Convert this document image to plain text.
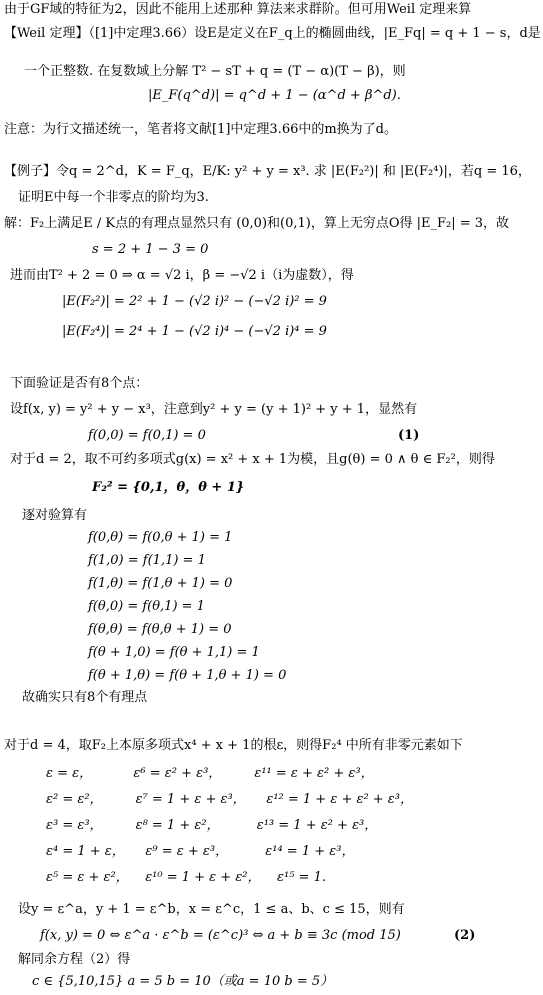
由于GF域的特征为2，因此不能用上述那种 算法来求群阶。但可用Weil 定理来算
【Weil 定理】（[1]中定理3.66）设E是定义在F_q上的椭圆曲线，|E_Fq| = q + 1 − s，d是
一个正整数. 在复数域上分解 T² − sT + q = (T − α)(T − β)，则
|E_F(q^d)| = q^d + 1 − (α^d + β^d).
注意：为行文描述统一，笔者将文献[1]中定理3.66中的m换为了d。
【例子】令q = 2^d，K = F_q，E/K: y² + y = x³. 求 |E(F₂²)| 和 |E(F₂⁴)|，若q = 16，
证明E中每一个非零点的阶均为3.
解：F₂上满足E / K点的有理点显然只有 (0,0)和(0,1)，算上无穷点O得 |E_F₂| = 3，故
s = 2 + 1 − 3 = 0
进而由T² + 2 = 0 ⇒ α = √2 i，β = −√2 i（i为虚数），得
|E(F₂²)| = 2² + 1 − (√2 i)² − (−√2 i)² = 9
|E(F₂⁴)| = 2⁴ + 1 − (√2 i)⁴ − (−√2 i)⁴ = 9
下面验证是否有8个点：
设f(x, y) = y² + y − x³，注意到y² + y = (y + 1)² + y + 1，显然有
f(0,0) = f(0,1) = 0	(1)
对于d = 2，取不可约多项式g(x) = x² + x + 1为模，且g(θ) = 0 ∧ θ ∈ F₂²，则得
F₂² = {0,1，θ，θ + 1}
逐对验算有
f(0,θ) = f(0,θ + 1) = 1
f(1,0) = f(1,1) = 1
f(1,θ) = f(1,θ + 1) = 0
f(θ,0) = f(θ,1) = 1
f(θ,θ) = f(θ,θ + 1) = 0
f(θ + 1,0) = f(θ + 1,1) = 1
f(θ + 1,θ) = f(θ + 1,θ + 1) = 0
故确实只有8个有理点
对于d = 4，取F₂上本原多项式x⁴ + x + 1的根ε，则得F₂⁴ 中所有非零元素如下
ε = ε，          ε⁶ = ε² + ε³，        ε¹¹ = ε + ε² + ε³，
ε² = ε²，        ε⁷ = 1 + ε + ε³，     ε¹² = 1 + ε + ε² + ε³，
ε³ = ε³，        ε⁸ = 1 + ε²，         ε¹³ = 1 + ε² + ε³，
ε⁴ = 1 + ε，     ε⁹ = ε + ε³，         ε¹⁴ = 1 + ε³，
ε⁵ = ε + ε²，    ε¹⁰ = 1 + ε + ε²，    ε¹⁵ = 1.
设y = ε^a，y + 1 = ε^b，x = ε^c，1 ≤ a、b、c ≤ 15，则有
f(x, y) = 0 ⇔ ε^a · ε^b = (ε^c)³ ⇔ a + b ≡ 3c (mod 15)	(2)
解同余方程（2）得
c ∈ {5,10,15} a = 5 b = 10（或a = 10 b = 5）
